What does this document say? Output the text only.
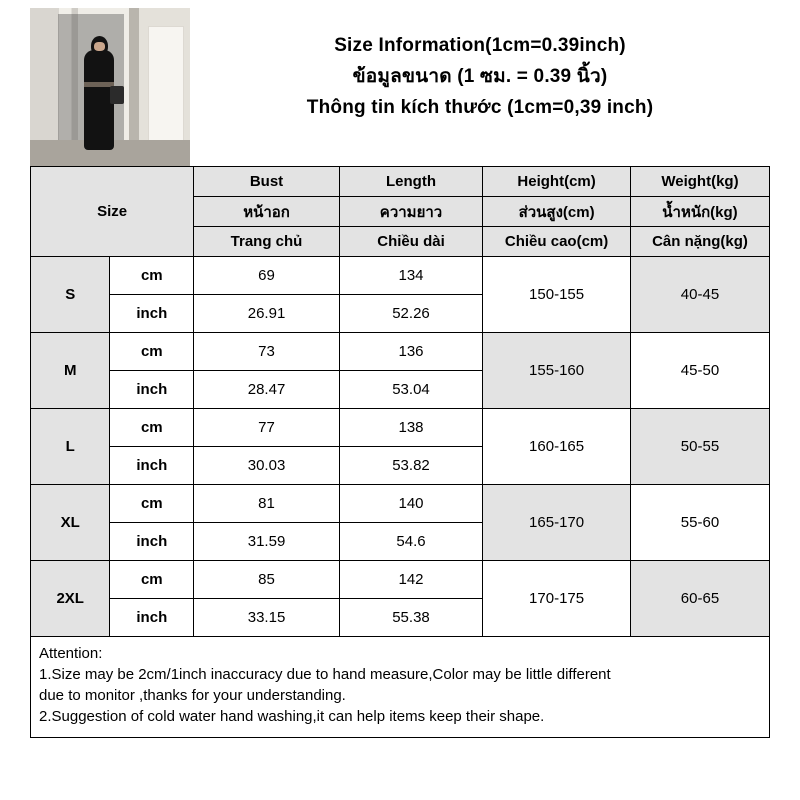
Size Information(1cm=0.39inch)
ข้อมูลขนาด (1 ซม. = 0.39 นิ้ว)
Thông tin kích thước (1cm=0,39 inch)
Size		Bust	Length	Height(cm)	Weight(kg)
		หน้าอก	ความยาว	ส่วนสูง(cm)	น้ำหนัก(kg)
		Trang chủ	Chiều dài	Chiều cao(cm)	Cân nặng(kg)
S	cm	69	134	150-155	40-45
	inch	26.91	52.26		
M	cm	73	136	155-160	45-50
	inch	28.47	53.04		
L	cm	77	138	160-165	50-55
	inch	30.03	53.82		
XL	cm	81	140	165-170	55-60
	inch	31.59	54.6		
2XL	cm	85	142	170-175	60-65
	inch	33.15	55.38		
Attention:
1.Size may be 2cm/1inch inaccuracy due to hand measure,Color may be little different
due to monitor ,thanks for your understanding.
2.Suggestion of cold water hand washing,it can help items keep their shape.
